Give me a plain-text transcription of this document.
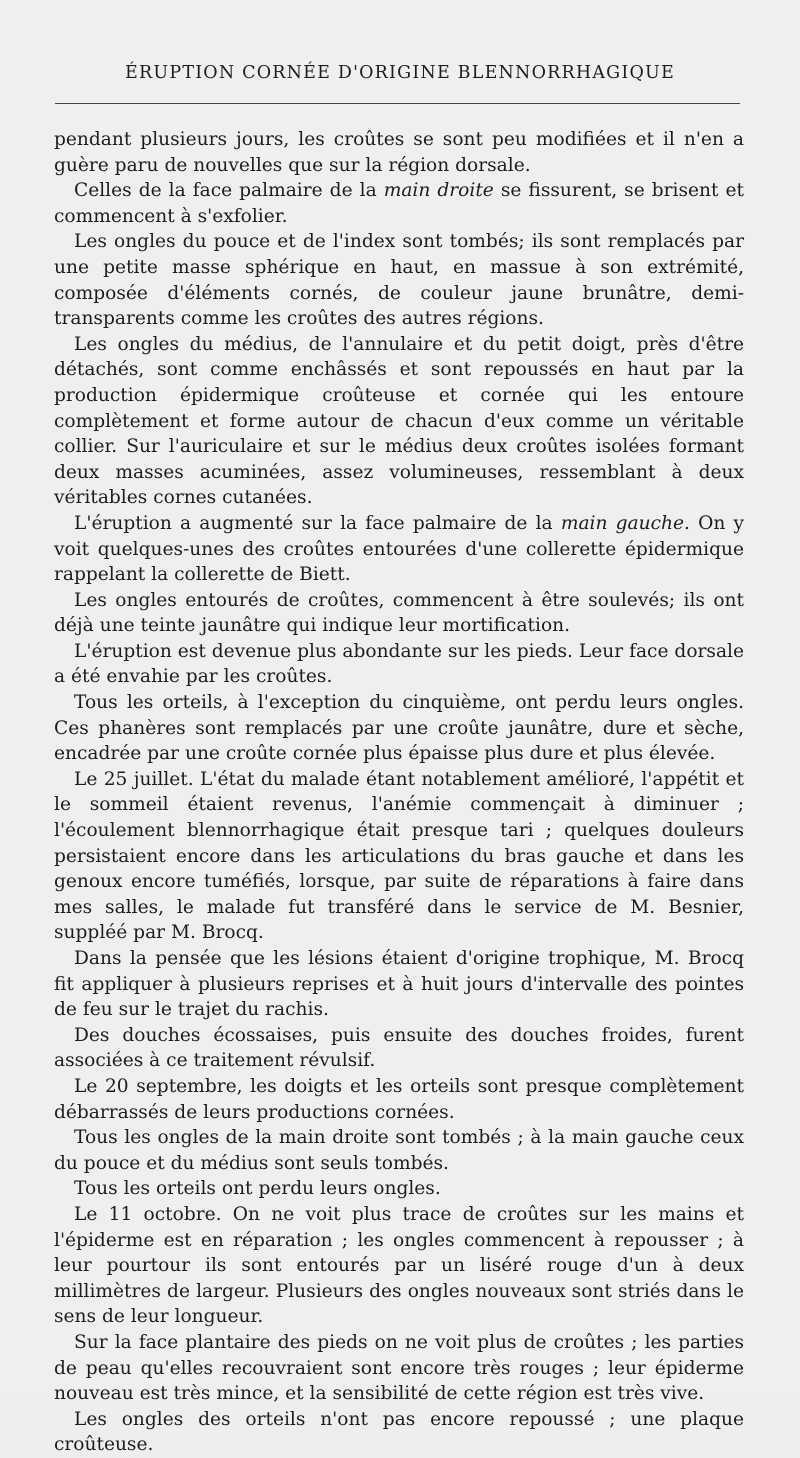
ÉRUPTION CORNÉE D'ORIGINE BLENNORRHAGIQUE

pendant plusieurs jours, les croûtes se sont peu modifiées et il n'en a guère paru de nouvelles que sur la région dorsale.

Celles de la face palmaire de la main droite se fissurent, se brisent et commencent à s'exfolier.

Les ongles du pouce et de l'index sont tombés; ils sont remplacés par une petite masse sphérique en haut, en massue à son extrémité, composée d'éléments cornés, de couleur jaune brunâtre, demi-transparents comme les croûtes des autres régions.

Les ongles du médius, de l'annulaire et du petit doigt, près d'être détachés, sont comme enchâssés et sont repoussés en haut par la production épidermique croûteuse et cornée qui les entoure complètement et forme autour de chacun d'eux comme un véritable collier. Sur l'auriculaire et sur le médius deux croûtes isolées formant deux masses acuminées, assez volumineuses, ressemblant à deux véritables cornes cutanées.

L'éruption a augmenté sur la face palmaire de la main gauche. On y voit quelques-unes des croûtes entourées d'une collerette épidermique rappelant la collerette de Biett.

Les ongles entourés de croûtes, commencent à être soulevés; ils ont déjà une teinte jaunâtre qui indique leur mortification.

L'éruption est devenue plus abondante sur les pieds. Leur face dorsale a été envahie par les croûtes.

Tous les orteils, à l'exception du cinquième, ont perdu leurs ongles. Ces phanères sont remplacés par une croûte jaunâtre, dure et sèche, encadrée par une croûte cornée plus épaisse plus dure et plus élevée.

Le 25 juillet. L'état du malade étant notablement amélioré, l'appétit et le sommeil étaient revenus, l'anémie commençait à diminuer ; l'écoulement blennorrhagique était presque tari ; quelques douleurs persistaient encore dans les articulations du bras gauche et dans les genoux encore tuméfiés, lorsque, par suite de réparations à faire dans mes salles, le malade fut transféré dans le service de M. Besnier, suppléé par M. Brocq.

Dans la pensée que les lésions étaient d'origine trophique, M. Brocq fit appliquer à plusieurs reprises et à huit jours d'intervalle des pointes de feu sur le trajet du rachis.

Des douches écossaises, puis ensuite des douches froides, furent associées à ce traitement révulsif.

Le 20 septembre, les doigts et les orteils sont presque complètement débarrassés de leurs productions cornées.

Tous les ongles de la main droite sont tombés ; à la main gauche ceux du pouce et du médius sont seuls tombés.

Tous les orteils ont perdu leurs ongles.

Le 11 octobre. On ne voit plus trace de croûtes sur les mains et l'épiderme est en réparation ; les ongles commencent à repousser ; à leur pourtour ils sont entourés par un liséré rouge d'un à deux millimètres de largeur. Plusieurs des ongles nouveaux sont striés dans le sens de leur longueur.

Sur la face plantaire des pieds on ne voit plus de croûtes ; les parties de peau qu'elles recouvraient sont encore très rouges ; leur épiderme nouveau est très mince, et la sensibilité de cette région est très vive.

Les ongles des orteils n'ont pas encore repoussé ; une plaque croûteuse.
